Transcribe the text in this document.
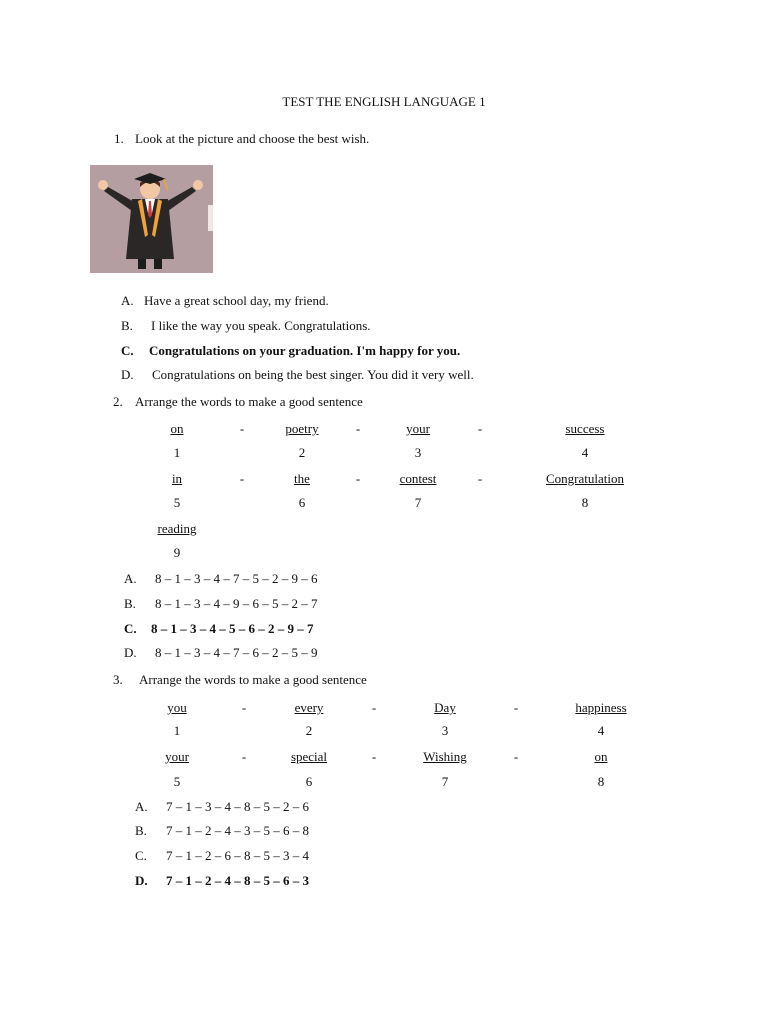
TEST THE ENGLISH LANGUAGE 1
1. Look at the picture and choose the best wish.
A. Have a great school day, my friend.
B. I like the way you speak. Congratulations.
C. Congratulations on your graduation. I'm happy for you.
D. Congratulations on being the best singer. You did it very well.
2. Arrange the words to make a good sentence
on	-	poetry	-	your	-	success
1	2	3	4
in	-	the	-	contest	-	Congratulation
5	6	7	8
reading
9
A. 8 – 1 – 3 – 4 – 7 – 5 – 2 – 9 – 6
B. 8 – 1 – 3 – 4 – 9 – 6 – 5 – 2 – 7
C. 8 – 1 – 3 – 4 – 5 – 6 – 2 – 9 – 7
D. 8 – 1 – 3 – 4 – 7 – 6 – 2 – 5 – 9
3. Arrange the words to make a good sentence
you	-	every	-	Day	-	happiness
1	2	3	4
your	-	special	-	Wishing	-	on
5	6	7	8
A. 7 – 1 – 3 – 4 – 8 – 5 – 2 – 6
B. 7 – 1 – 2 – 4 – 3 – 5 – 6 – 8
C. 7 – 1 – 2 – 6 – 8 – 5 – 3 – 4
D. 7 – 1 – 2 – 4 – 8 – 5 – 6 – 3
